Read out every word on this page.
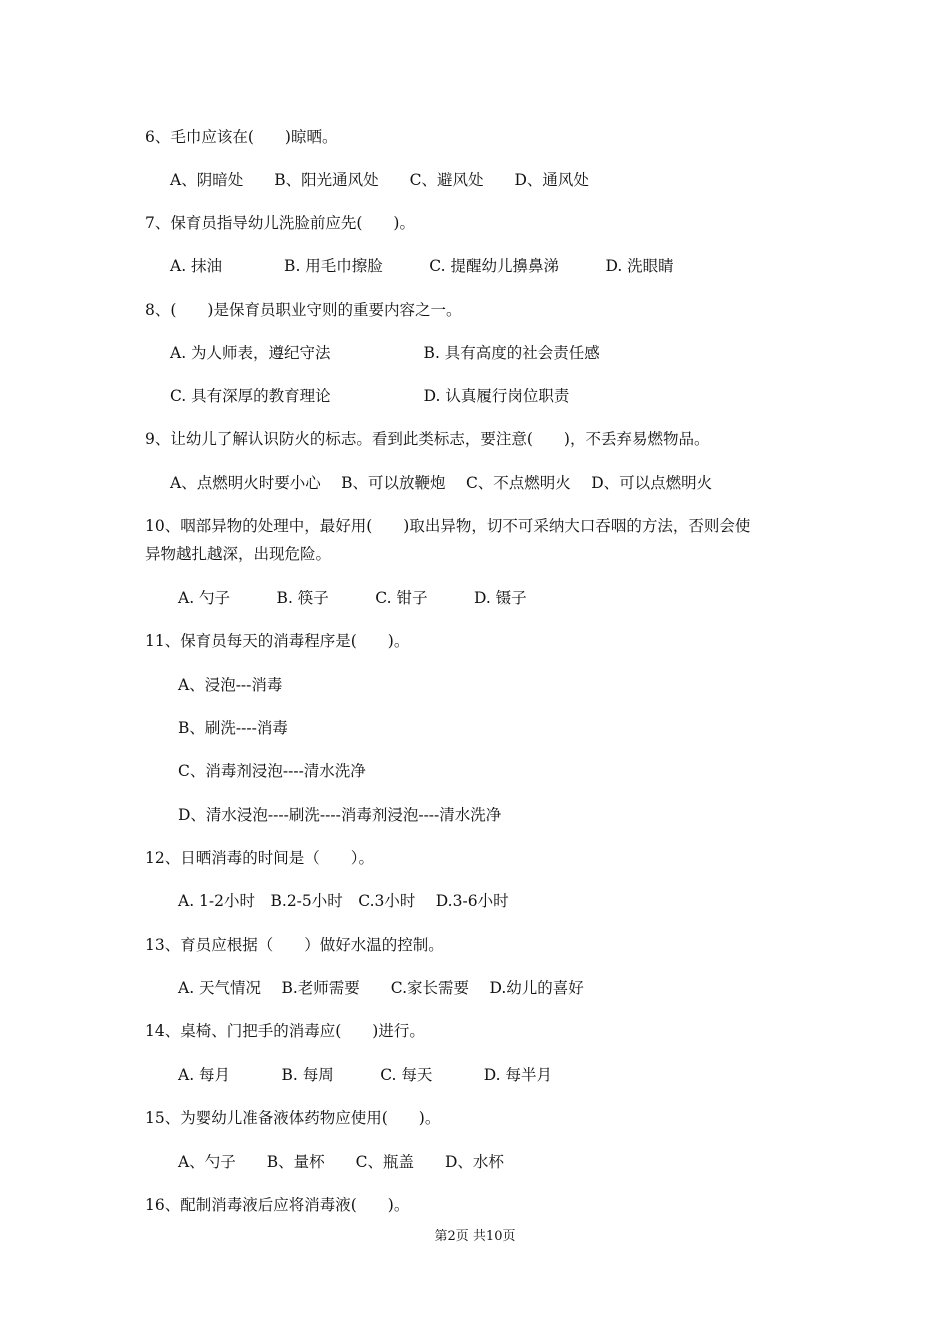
6、毛巾应该在(　　)晾晒。
A、阴暗处　　B、阳光通风处　　C、避风处　　D、通风处
7、保育员指导幼儿洗脸前应先(　　)。
A. 抹油　　　　B. 用毛巾擦脸　　　C. 提醒幼儿擤鼻涕　　　D. 洗眼睛
8、(　　)是保育员职业守则的重要内容之一。
A. 为人师表，遵纪守法　　　　　　B. 具有高度的社会责任感
C. 具有深厚的教育理论　　　　　　D. 认真履行岗位职责
9、让幼儿了解认识防火的标志。看到此类标志，要注意(　　)，不丢弃易燃物品。
A、点燃明火时要小心　 B、可以放鞭炮　 C、不点燃明火　 D、可以点燃明火
10、咽部异物的处理中，最好用(　　)取出异物，切不可采纳大口吞咽的方法，否则会使
异物越扎越深，出现危险。
A. 勺子　　　B. 筷子　　　C. 钳子　　　D. 镊子
11、保育员每天的消毒程序是(　　)。
A、浸泡---消毒
B、刷洗----消毒
C、消毒剂浸泡----清水洗净
D、清水浸泡----刷洗----消毒剂浸泡----清水洗净
12、日晒消毒的时间是（　　）。
A. 1-2小时　B.2-5小时　C.3小时　 D.3-6小时
13、育员应根据（　　）做好水温的控制。
A. 天气情况　 B.老师需要　　C.家长需要　 D.幼儿的喜好
14、桌椅、门把手的消毒应(　　)进行。
A. 每月　　　 B. 每周　　　C. 每天　　　 D. 每半月
15、为婴幼儿准备液体药物应使用(　　)。
A、勺子　　B、量杯　　C、瓶盖　　D、水杯
16、配制消毒液后应将消毒液(　　)。
第2页 共10页
